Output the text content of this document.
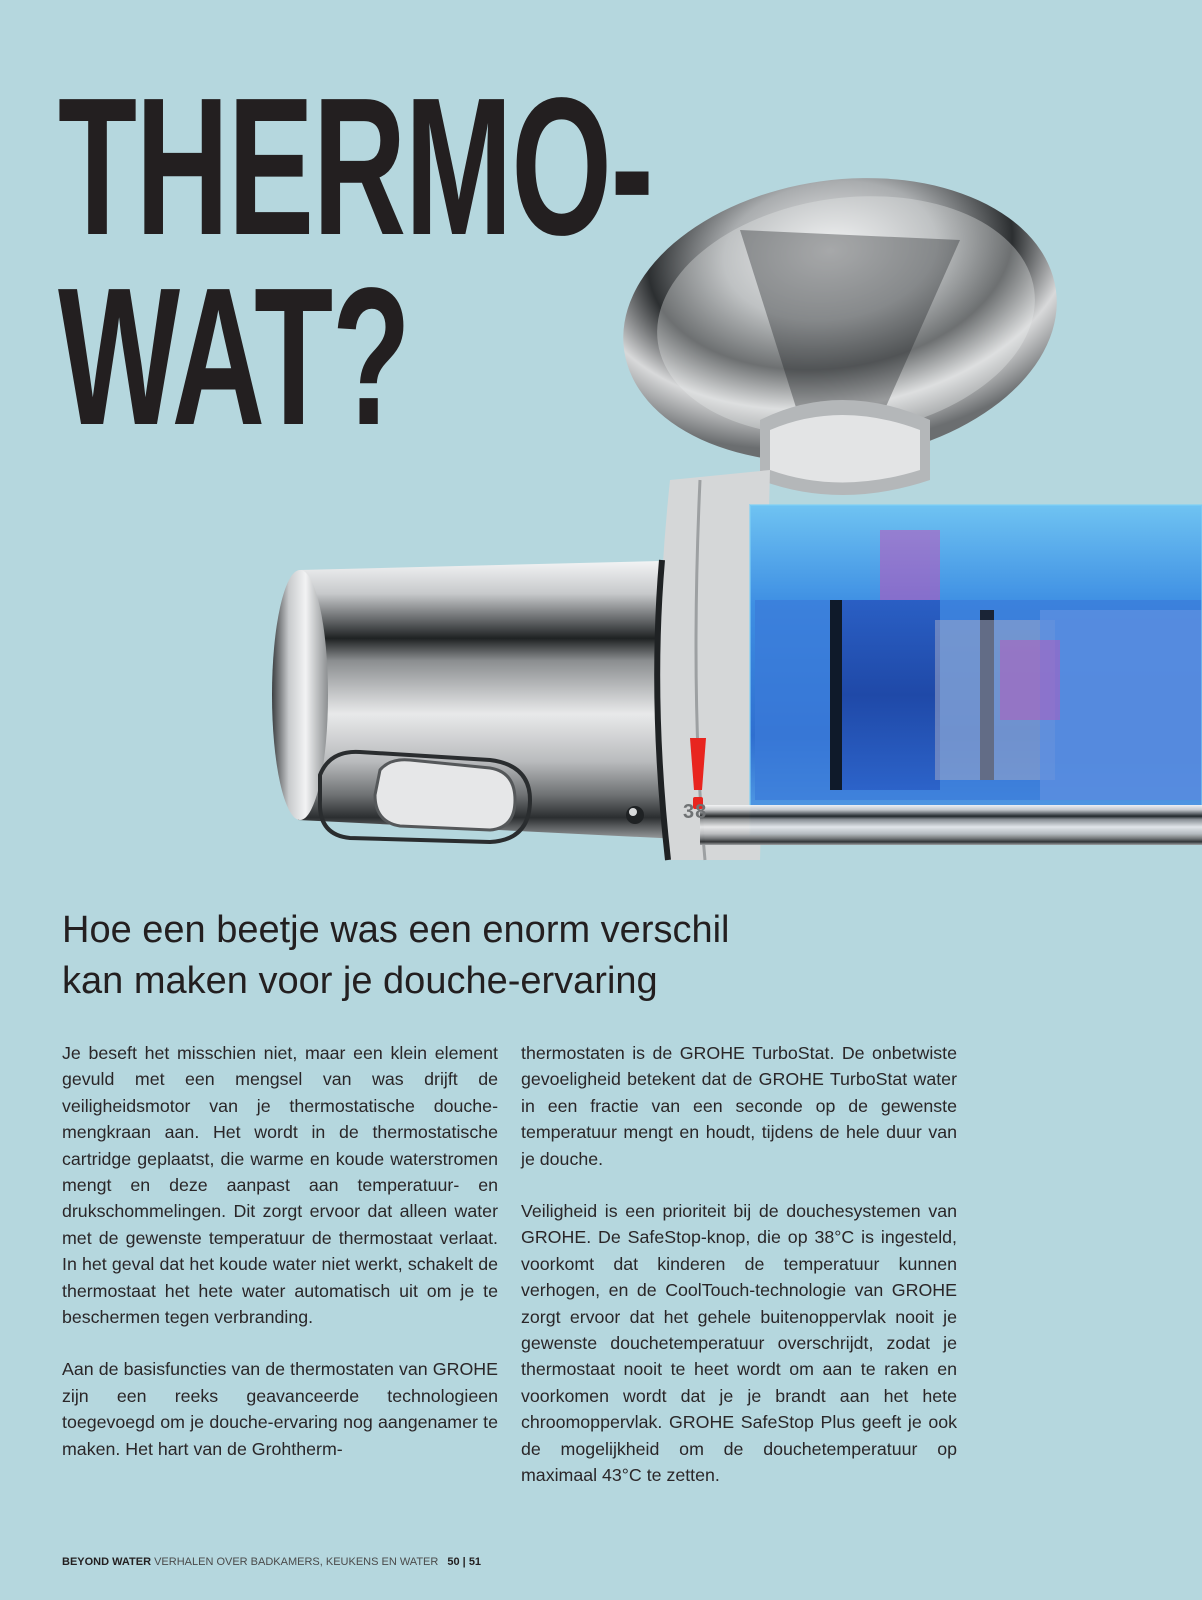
38
THERMO-
WAT?
Hoe een beetje was een enorm verschil
kan maken voor je douche-ervaring

Je beseft het misschien niet, maar een klein element gevuld met een mengsel van was drijft de veiligheidsmotor van je thermostatische douchemengkraan aan. Het wordt in de thermostatische cartridge geplaatst, die warme en koude waterstromen mengt en deze aanpast aan temperatuur- en drukschommelingen. Dit zorgt ervoor dat alleen water met de gewenste temperatuur de thermostaat verlaat. In het geval dat het koude water niet werkt, schakelt de thermostaat het hete water automatisch uit om je te beschermen tegen verbranding.

Aan de basisfuncties van de thermostaten van GROHE zijn een reeks geavanceerde technologieen toegevoegd om je douche-ervaring nog aangenamer te maken. Het hart van de Grohtherm-

thermostaten is de GROHE TurboStat. De onbetwiste gevoeligheid betekent dat de GROHE TurboStat water in een fractie van een seconde op de gewenste temperatuur mengt en houdt, tijdens de hele duur van je douche.

Veiligheid is een prioriteit bij de douchesystemen van GROHE. De SafeStop-knop, die op 38°C is ingesteld, voorkomt dat kinderen de temperatuur kunnen verhogen, en de CoolTouch-technologie van GROHE zorgt ervoor dat het gehele buitenoppervlak nooit je gewenste douchetemperatuur overschrijdt, zodat je thermostaat nooit te heet wordt om aan te raken en voorkomen wordt dat je je brandt aan het hete chroomoppervlak. GROHE SafeStop Plus geeft je ook de mogelijkheid om de douchetemperatuur op maximaal 43°C te zetten.

BEYOND WATER VERHALEN OVER BADKAMERS, KEUKENS EN WATER 50 | 51
